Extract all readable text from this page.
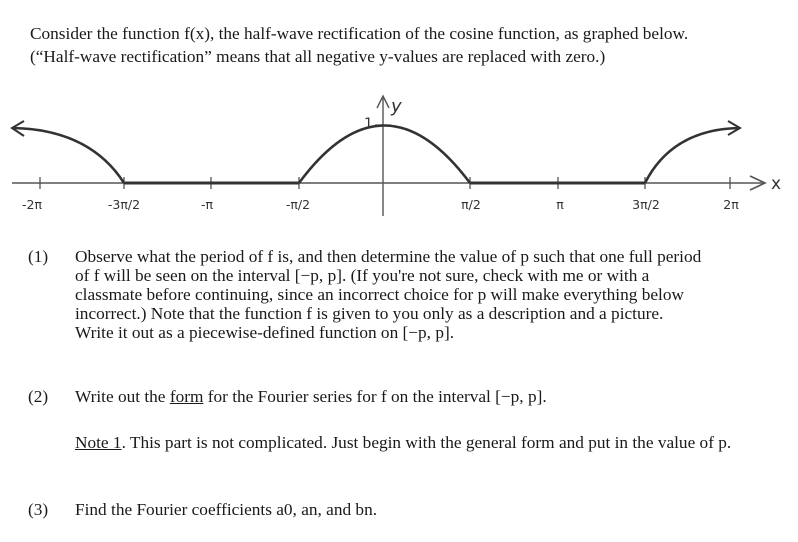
Consider the function f(x), the half-wave rectification of the cosine function, as graphed below.

(“Half-wave rectification” means that all negative y-values are replaced with zero.)

x
y
1
-2π	-3π/2	-π	-π/2	π/2	π	3π/2	2π
(1) Observe what the period of f is, and then determine the value of p such that one full period

of f will be seen on the interval [−p, p]. (If you're not sure, check with me or with a

classmate before continuing, since an incorrect choice for p will make everything below

incorrect.) Note that the function f is given to you only as a description and a picture.

Write it out as a piecewise-defined function on [−p, p].

(2) Write out the form for the Fourier series for f on the interval [−p, p].
Note 1. This part is not complicated. Just begin with the general form and put in the value of p.
(3) Find the Fourier coefficients a0, an, and bn.
